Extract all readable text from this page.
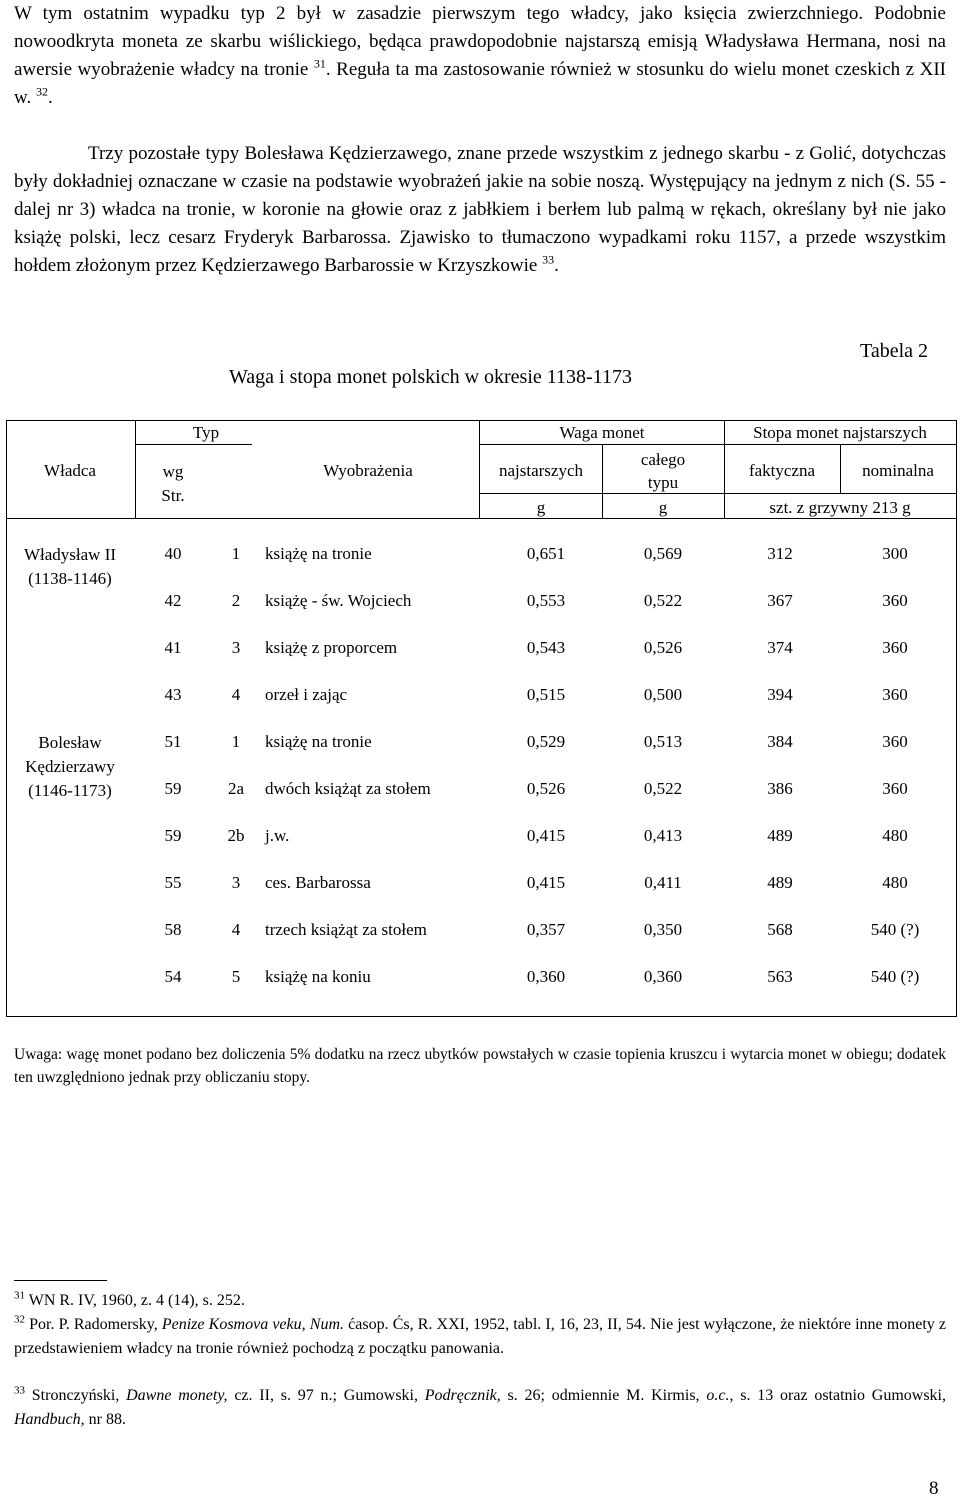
W tym ostatnim wypadku typ 2 był w zasadzie pierwszym tego władcy, jako księcia zwierzchniego. Podobnie nowoodkryta moneta ze skarbu wiślickiego, będąca prawdopodobnie najstarszą emisją Władysława Hermana, nosi na awersie wyobrażenie władcy na tronie $^{31}$. Reguła ta ma zastosowanie również w stosunku do wielu monet czeskich z XII w. $^{32}$.

Trzy pozostałe typy Bolesława Kędzierzawego, znane przede wszystkim z jednego skarbu - z Golić, dotychczas były dokładniej oznaczane w czasie na podstawie wyobrażeń jakie na sobie noszą. Występujący na jednym z nich (S. 55 - dalej nr 3) władca na tronie, w koronie na głowie oraz z jabłkiem i berłem lub palmą w rękach, określany był nie jako książę polski, lecz cesarz Fryderyk Barbarossa. Zjawisko to tłumaczono wypadkami roku 1157, a przede wszystkim hołdem złożonym przez Kędzierzawego Barbarossie w Krzyszkowie $^{33}$.

Tabela 2
Waga i stopa monet polskich w okresie 1138-1173
Władca
Typ
wg Str.
Wyobrażenia
Waga monet
najstarszych
całego typu
Stopa monet najstarszych
faktyczna	nominalna
g	g	szt. z grzywny 213 g
Władysław II (1138-1146)
Bolesław Kędzierzawy (1146-1173)
40	1 książę na tronie	0,651	0,569	312	300
42	2 książę - św. Wojciech	0,553	0,522	367	360
41	3 książę z proporcem	0,543	0,526	374	360
43	4 orzeł i zając	0,515	0,500	394	360
51	1 książę na tronie	0,529	0,513	384	360
59	2a dwóch książąt za stołem	0,526	0,522	386	360
59	2b j.w.	0,415	0,413	489	480
55	3 ces. Barbarossa	0,415	0,411	489	480
58	4 trzech książąt za stołem	0,357	0,350	568	540 (?)
54	5 książę na koniu	0,360	0,360	563	540 (?)

Uwaga: wagę monet podano bez doliczenia 5% dodatku na rzecz ubytków powstałych w czasie topienia kruszcu i wytarcia monet w obiegu; dodatek ten uwzględniono jednak przy obliczaniu stopy.

$^{31}$ WN R. IV, 1960, z. 4 (14), s. 252.

$^{32}$ Por. P. Radomersky, Penize Kosmova veku, Num. ćasop. Ćs, R. XXI, 1952, tabl. I, 16, 23, II, 54. Nie jest wyłączone, że niektóre inne monety z przedstawieniem władcy na tronie również pochodzą z początku panowania.

$^{33}$ Stronczyński, Dawne monety, cz. II, s. 97 n.; Gumowski, Podręcznik, s. 26; odmiennie M. Kirmis, o.c., s. 13 oraz ostatnio Gumowski, Handbuch, nr 88.

8
